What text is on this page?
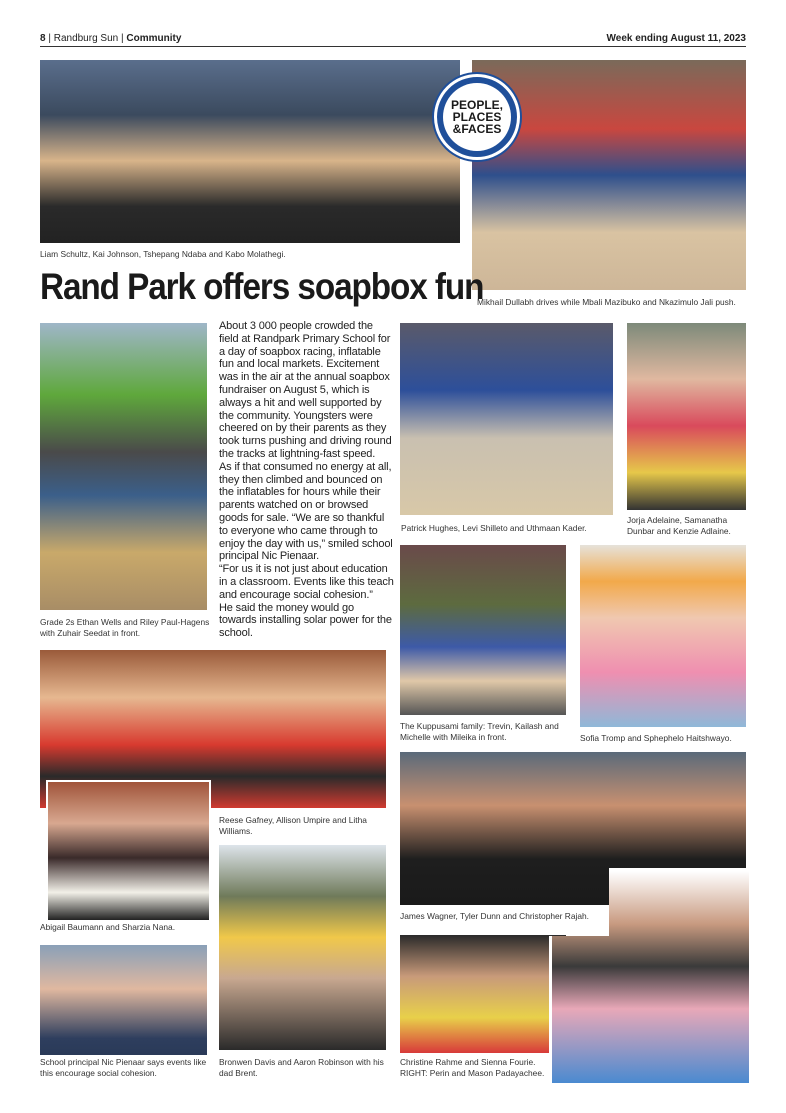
8 | Randburg Sun | Community	Week ending August 11, 2023
PEOPLE,
PLACES
&FACES
Liam Schultz, Kai Johnson, Tshepang Ndaba and Kabo Molathegi.
Mikhail Dullabh drives while Mbali Mazibuko and Nkazimulo Jali push.
Rand Park offers soapbox fun
Grade 2s Ethan Wells and Riley Paul-Hagens with Zuhair Seedat in front.
About 3 000 people crowded the field at Randpark Primary School for a day of soapbox racing, inflatable fun and local markets. Excitement was in the air at the annual soapbox fundraiser on August 5, which is always a hit and well supported by the community. Youngsters were cheered on by their parents as they took turns pushing and driving round the tracks at lightning-fast speed.
As if that consumed no energy at all, they then climbed and bounced on the inflatables for hours while their parents watched on or browsed goods for sale. “We are so thankful to everyone who came through to enjoy the day with us,” smiled school principal Nic Pienaar.
“For us it is not just about education in a classroom. Events like this teach and encourage social cohesion.”
He said the money would go towards installing solar power for the school.
Patrick Hughes, Levi Shilleto and Uthmaan Kader.
Jorja Adelaine, Samanatha Dunbar and Kenzie Adlaine.
The Kuppusami family: Trevin, Kailash and Michelle with Mileika in front.	Sofia Tromp and Sphephelo Haitshwayo.
Reese Gafney, Allison Umpire and Litha Williams.
Abigail Baumann and Sharzia Nana.
Bronwen Davis and Aaron Robinson with his dad Brent.
School principal Nic Pienaar says events like this encourage social cohesion.
James Wagner, Tyler Dunn and Christopher Rajah.
Christine Rahme and Sienna Fourie. RIGHT: Perin and Mason Padayachee.
